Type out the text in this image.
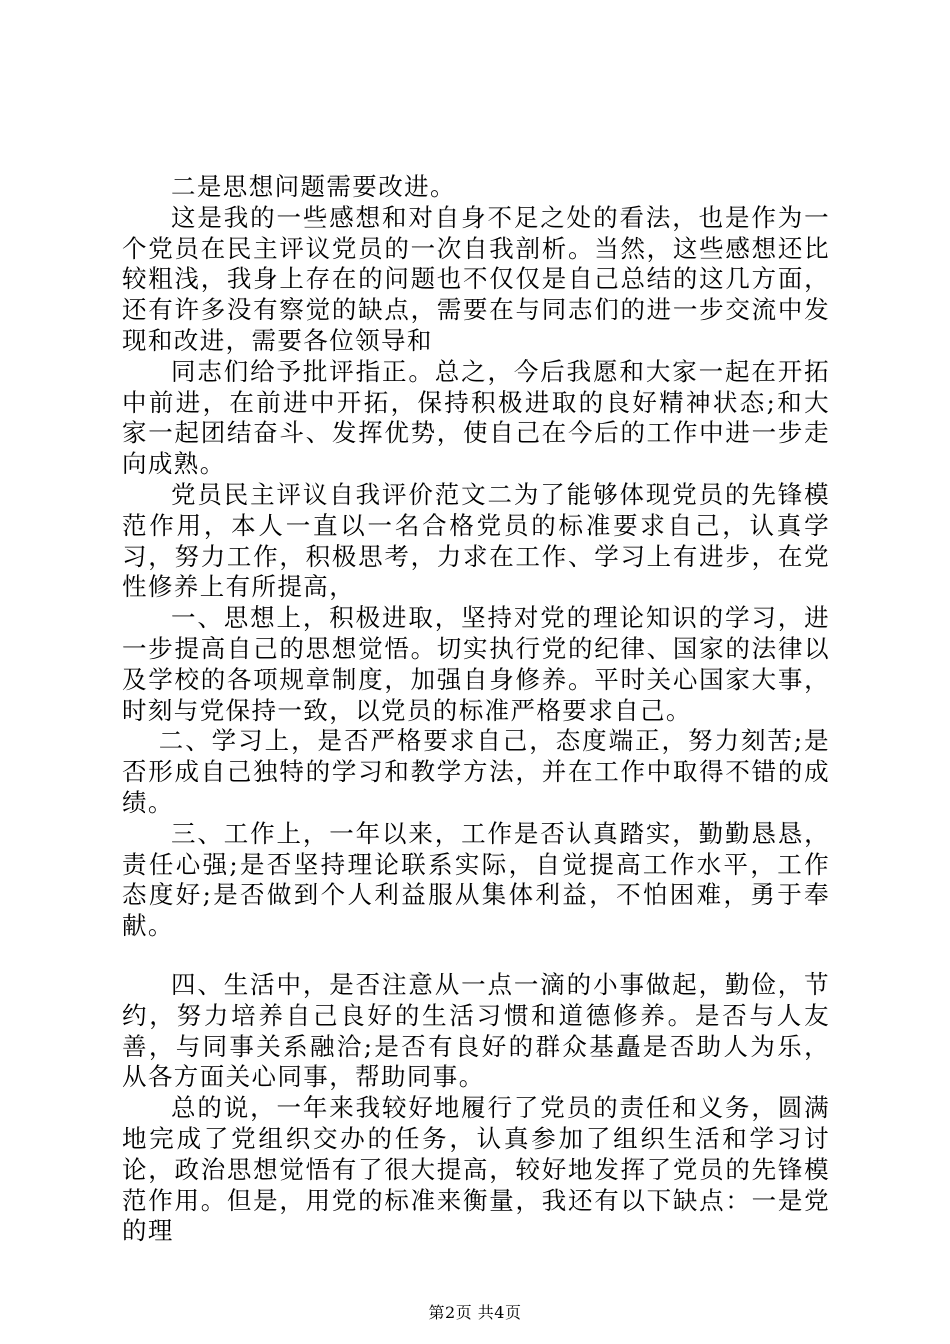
二是思想问题需要改进。

这是我的一些感想和对自身不足之处的看法，也是作为一个党员在民主评议党员的一次自我剖析。当然，这些感想还比较粗浅，我身上存在的问题也不仅仅是自己总结的这几方面，还有许多没有察觉的缺点，需要在与同志们的进一步交流中发现和改进，需要各位领导和

同志们给予批评指正。总之，今后我愿和大家一起在开拓中前进，在前进中开拓，保持积极进取的良好精神状态;和大家一起团结奋斗、发挥优势，使自己在今后的工作中进一步走向成熟。

党员民主评议自我评价范文二为了能够体现党员的先锋模范作用，本人一直以一名合格党员的标准要求自己，认真学习，努力工作，积极思考，力求在工作、学习上有进步，在党性修养上有所提高，

一、思想上，积极进取，坚持对党的理论知识的学习，进一步提高自己的思想觉悟。切实执行党的纪律、国家的法律以及学校的各项规章制度，加强自身修养。平时关心国家大事，时刻与党保持一致，以党员的标准严格要求自己。

二、学习上，是否严格要求自己，态度端正，努力刻苦;是否形成自己独特的学习和教学方法，并在工作中取得不错的成绩。

三、工作上，一年以来，工作是否认真踏实，勤勤恳恳，责任心强;是否坚持理论联系实际，自觉提高工作水平，工作态度好;是否做到个人利益服从集体利益，不怕困难，勇于奉献。

四、生活中，是否注意从一点一滴的小事做起，勤俭，节约，努力培养自己良好的生活习惯和道德修养。是否与人友善，与同事关系融洽;是否有良好的群众基矗是否助人为乐，从各方面关心同事，帮助同事。

总的说，一年来我较好地履行了党员的责任和义务，圆满地完成了党组织交办的任务，认真参加了组织生活和学习讨论，政治思想觉悟有了很大提高，较好地发挥了党员的先锋模范作用。但是，用党的标准来衡量，我还有以下缺点：一是党的理

第2页 共4页
